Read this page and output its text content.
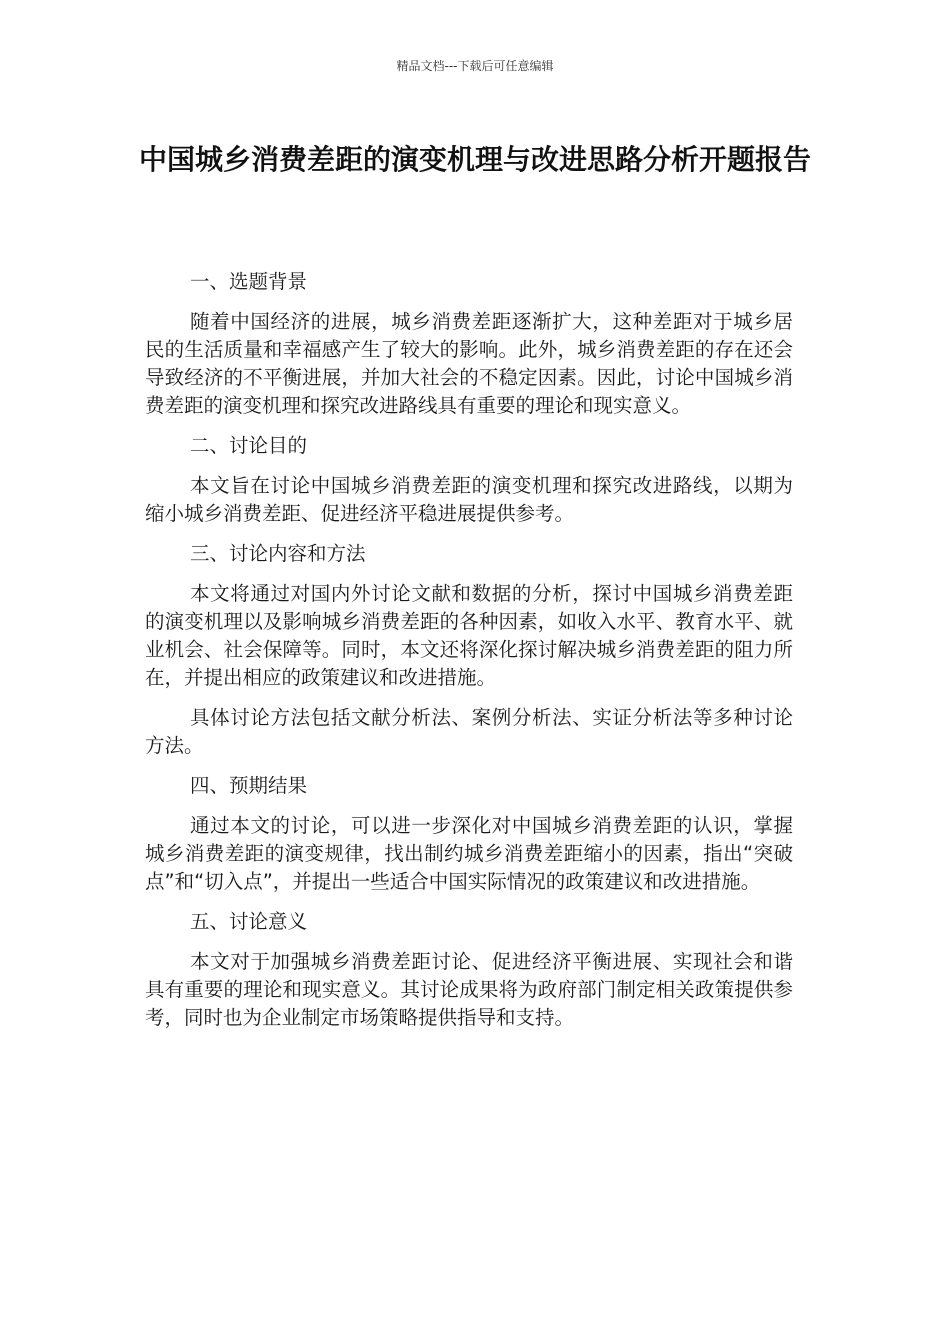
精品文档---下载后可任意编辑
中国城乡消费差距的演变机理与改进思路分析开题报告
一、选题背景
随着中国经济的进展，城乡消费差距逐渐扩大，这种差距对于城乡居民的生活质量和幸福感产生了较大的影响。此外，城乡消费差距的存在还会导致经济的不平衡进展，并加大社会的不稳定因素。因此，讨论中国城乡消费差距的演变机理和探究改进路线具有重要的理论和现实意义。
二、讨论目的
本文旨在讨论中国城乡消费差距的演变机理和探究改进路线，以期为缩小城乡消费差距、促进经济平稳进展提供参考。
三、讨论内容和方法
本文将通过对国内外讨论文献和数据的分析，探讨中国城乡消费差距的演变机理以及影响城乡消费差距的各种因素，如收入水平、教育水平、就业机会、社会保障等。同时，本文还将深化探讨解决城乡消费差距的阻力所在，并提出相应的政策建议和改进措施。
具体讨论方法包括文献分析法、案例分析法、实证分析法等多种讨论方法。
四、预期结果
通过本文的讨论，可以进一步深化对中国城乡消费差距的认识，掌握城乡消费差距的演变规律，找出制约城乡消费差距缩小的因素，指出“突破点”和“切入点”，并提出一些适合中国实际情况的政策建议和改进措施。
五、讨论意义
本文对于加强城乡消费差距讨论、促进经济平衡进展、实现社会和谐具有重要的理论和现实意义。其讨论成果将为政府部门制定相关政策提供参考，同时也为企业制定市场策略提供指导和支持。
